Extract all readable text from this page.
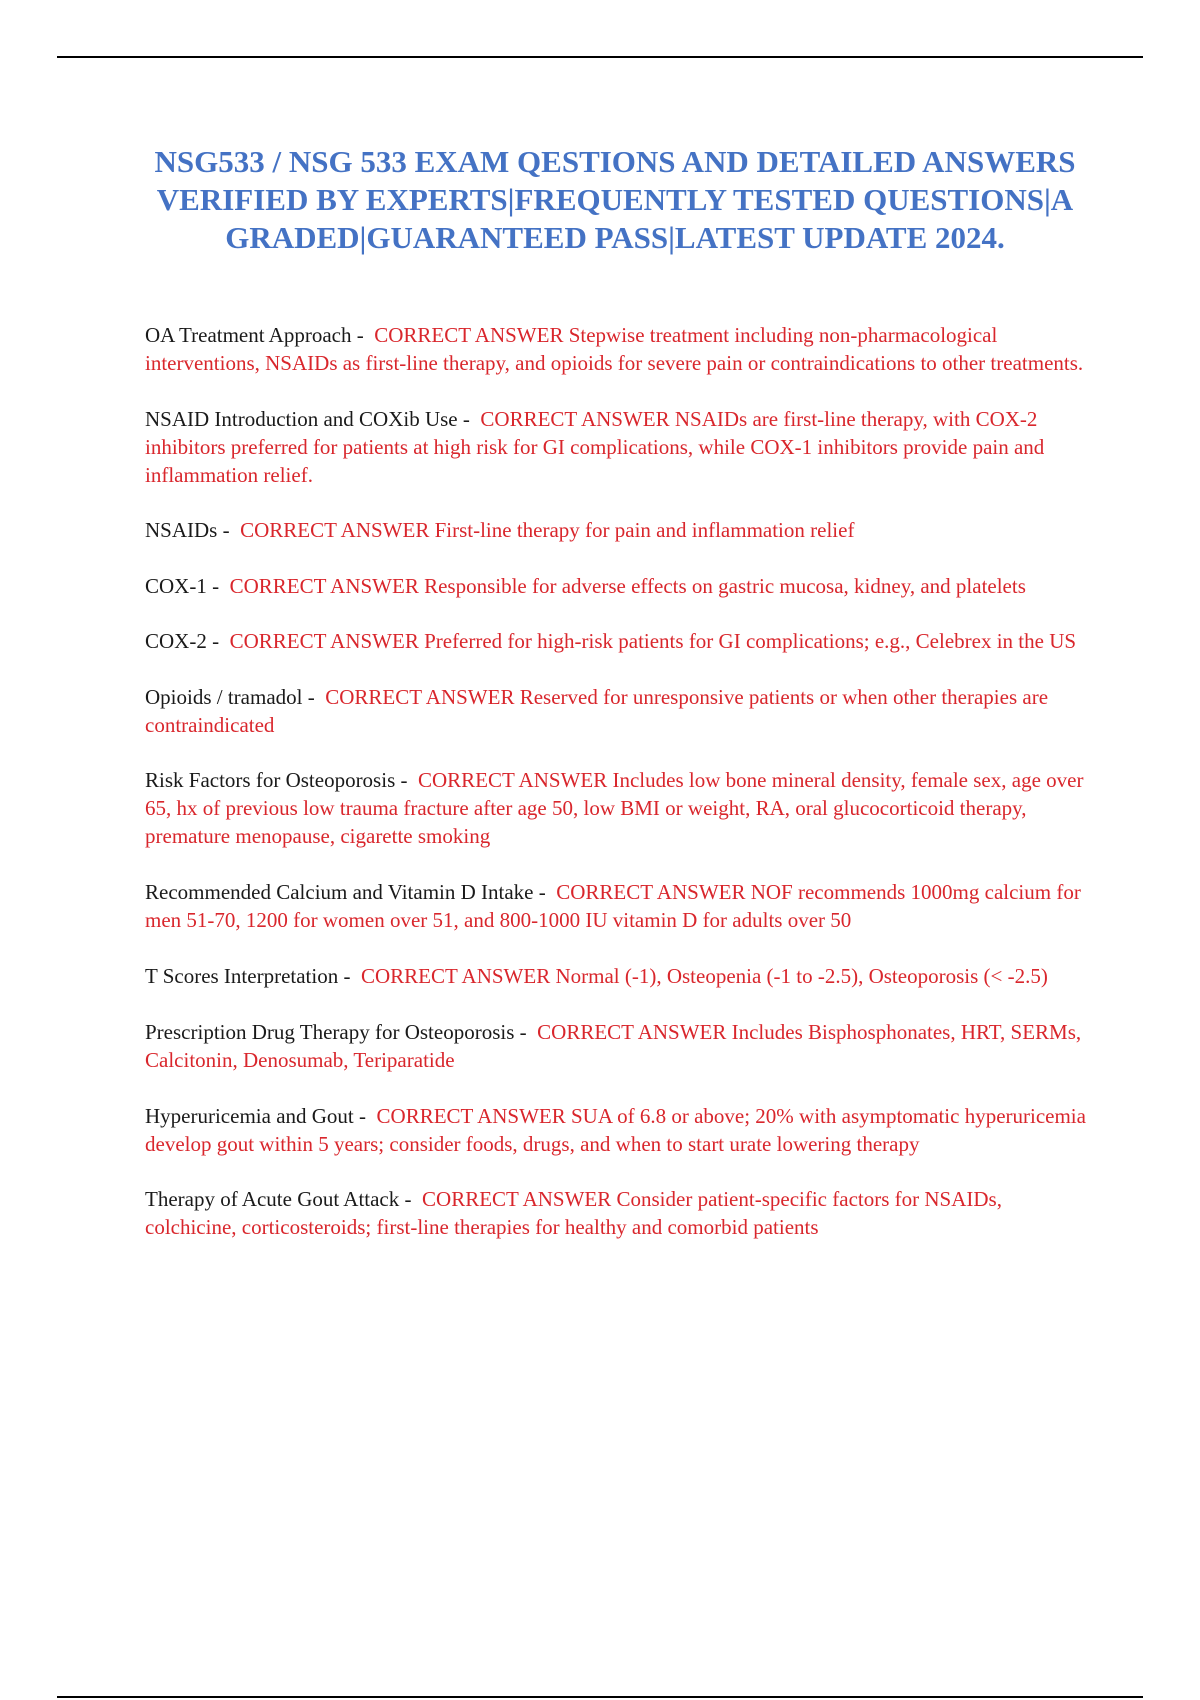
NSG533 / NSG 533 EXAM QESTIONS AND DETAILED ANSWERS VERIFIED BY EXPERTS|FREQUENTLY TESTED QUESTIONS|A GRADED|GUARANTEED PASS|LATEST UPDATE 2024.
OA Treatment Approach -  CORRECT ANSWER Stepwise treatment including non-pharmacological interventions, NSAIDs as first-line therapy, and opioids for severe pain or contraindications to other treatments.
NSAID Introduction and COXib Use -  CORRECT ANSWER NSAIDs are first-line therapy, with COX-2 inhibitors preferred for patients at high risk for GI complications, while COX-1 inhibitors provide pain and inflammation relief.
NSAIDs -  CORRECT ANSWER First-line therapy for pain and inflammation relief
COX-1 -  CORRECT ANSWER Responsible for adverse effects on gastric mucosa, kidney, and platelets
COX-2 -  CORRECT ANSWER Preferred for high-risk patients for GI complications; e.g., Celebrex in the US
Opioids / tramadol -  CORRECT ANSWER Reserved for unresponsive patients or when other therapies are contraindicated
Risk Factors for Osteoporosis -  CORRECT ANSWER Includes low bone mineral density, female sex, age over 65, hx of previous low trauma fracture after age 50, low BMI or weight, RA, oral glucocorticoid therapy, premature menopause, cigarette smoking
Recommended Calcium and Vitamin D Intake -  CORRECT ANSWER NOF recommends 1000mg calcium for men 51-70, 1200 for women over 51, and 800-1000 IU vitamin D for adults over 50
T Scores Interpretation -  CORRECT ANSWER Normal (-1), Osteopenia (-1 to -2.5), Osteoporosis (< -2.5)
Prescription Drug Therapy for Osteoporosis -  CORRECT ANSWER Includes Bisphosphonates, HRT, SERMs, Calcitonin, Denosumab, Teriparatide
Hyperuricemia and Gout -  CORRECT ANSWER SUA of 6.8 or above; 20% with asymptomatic hyperuricemia develop gout within 5 years; consider foods, drugs, and when to start urate lowering therapy
Therapy of Acute Gout Attack -  CORRECT ANSWER Consider patient-specific factors for NSAIDs, colchicine, corticosteroids; first-line therapies for healthy and comorbid patients
